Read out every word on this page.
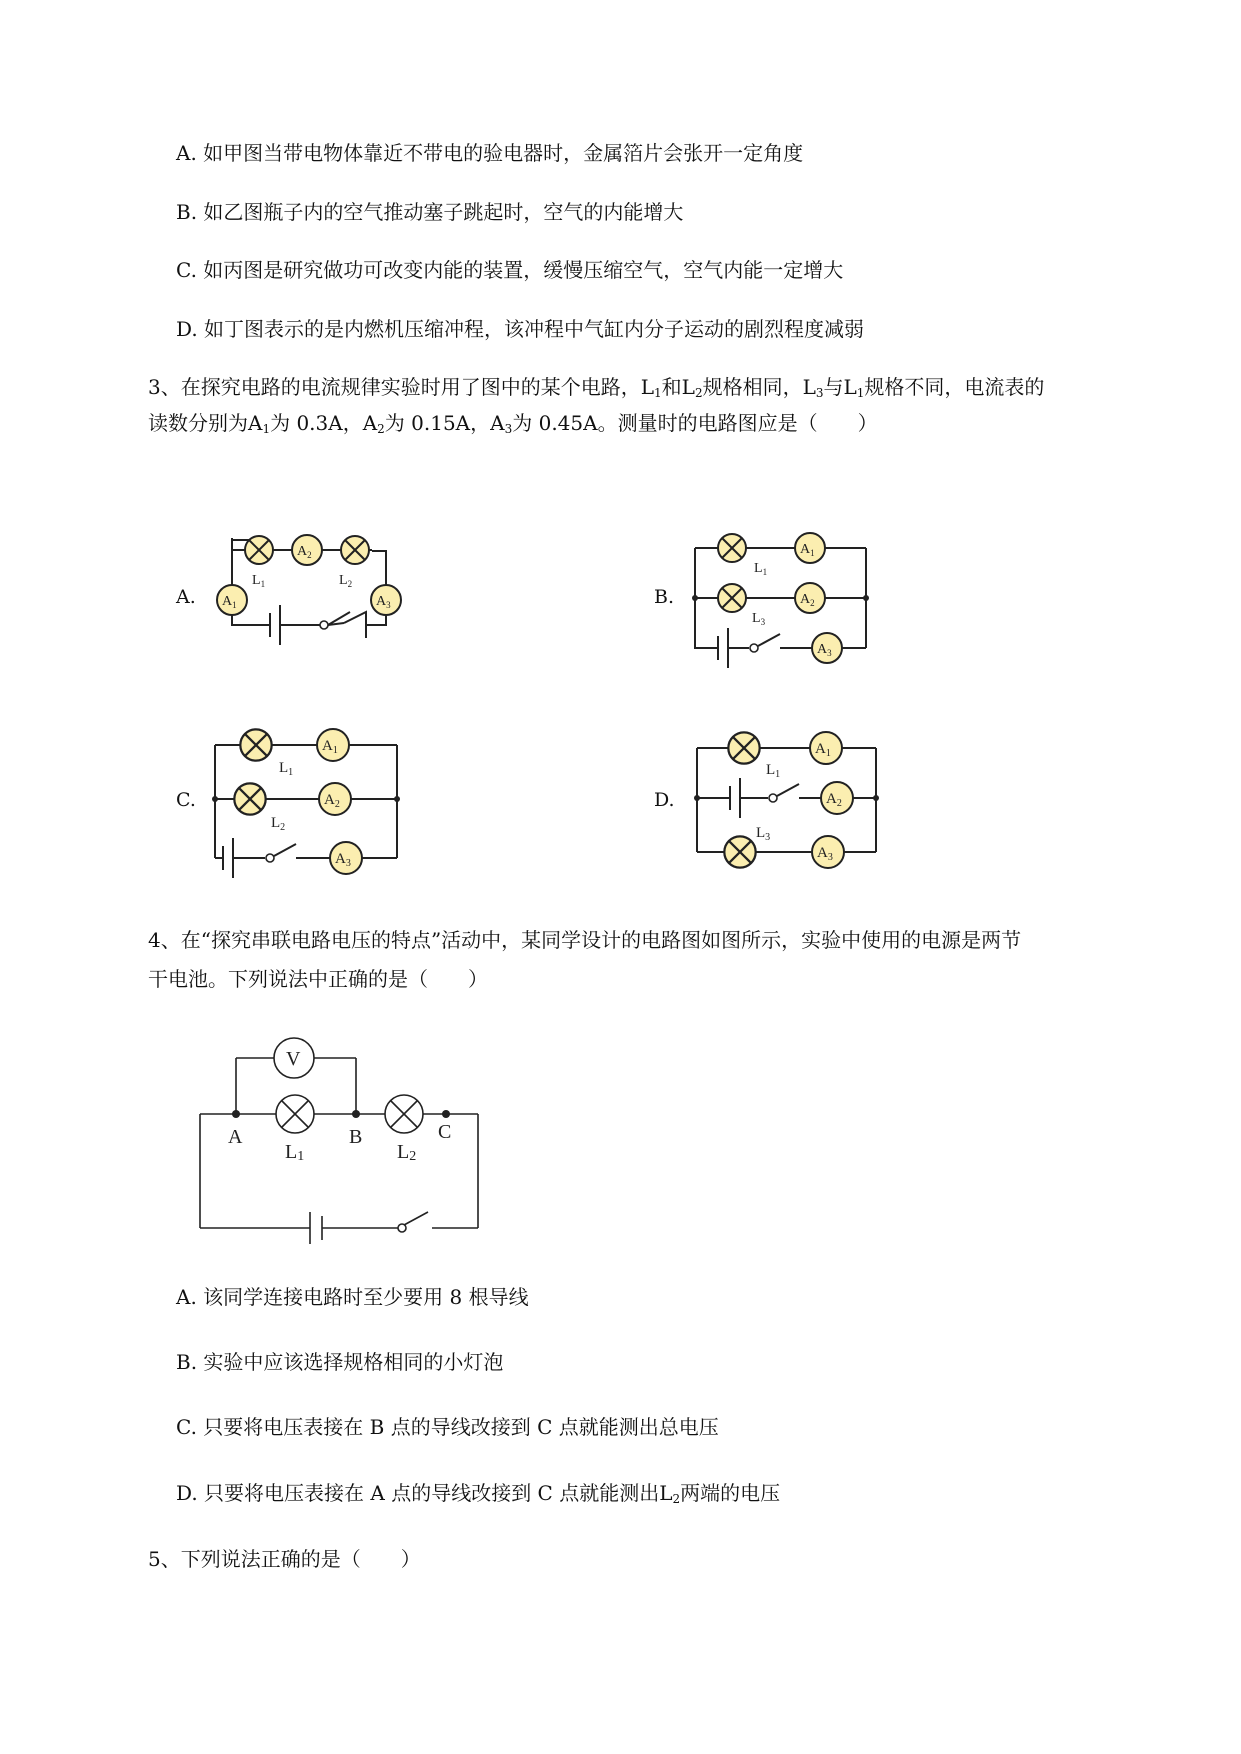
A. 如甲图当带电物体靠近不带电的验电器时，金属箔片会张开一定角度
B. 如乙图瓶子内的空气推动塞子跳起时，空气的内能增大
C. 如丙图是研究做功可改变内能的装置，缓慢压缩空气，空气内能一定增大
D. 如丁图表示的是内燃机压缩冲程，该冲程中气缸内分子运动的剧烈程度减弱
3、在探究电路的电流规律实验时用了图中的某个电路，$L_1$和$L_2$规格相同，$L_3$与$L_1$规格不同，电流表的
读数分别为$A_1$为 0.3A，$A_2$为 0.15A，$A_3$为 0.45A。测量时的电路图应是（　　）
A.	B.
C.	D.
$A_2$
$A_1$	$A_3$
$L_1$	$L_2$
$A_1$
$A_2$
$A_3$
$L_1$
$L_3$
$A_1$
$A_2$
$A_3$
$L_1$
$L_2$
$A_1$
$A_2$
$A_3$
$L_1$
$L_3$
V
A	B	C
L1	L2
4、在“探究串联电路电压的特点”活动中，某同学设计的电路图如图所示，实验中使用的电源是两节
干电池。下列说法中正确的是（　　）
A. 该同学连接电路时至少要用 8 根导线
B. 实验中应该选择规格相同的小灯泡
C. 只要将电压表接在 B 点的导线改接到 C 点就能测出总电压
D. 只要将电压表接在 A 点的导线改接到 C 点就能测出$L_2$两端的电压
5、下列说法正确的是（　　）
